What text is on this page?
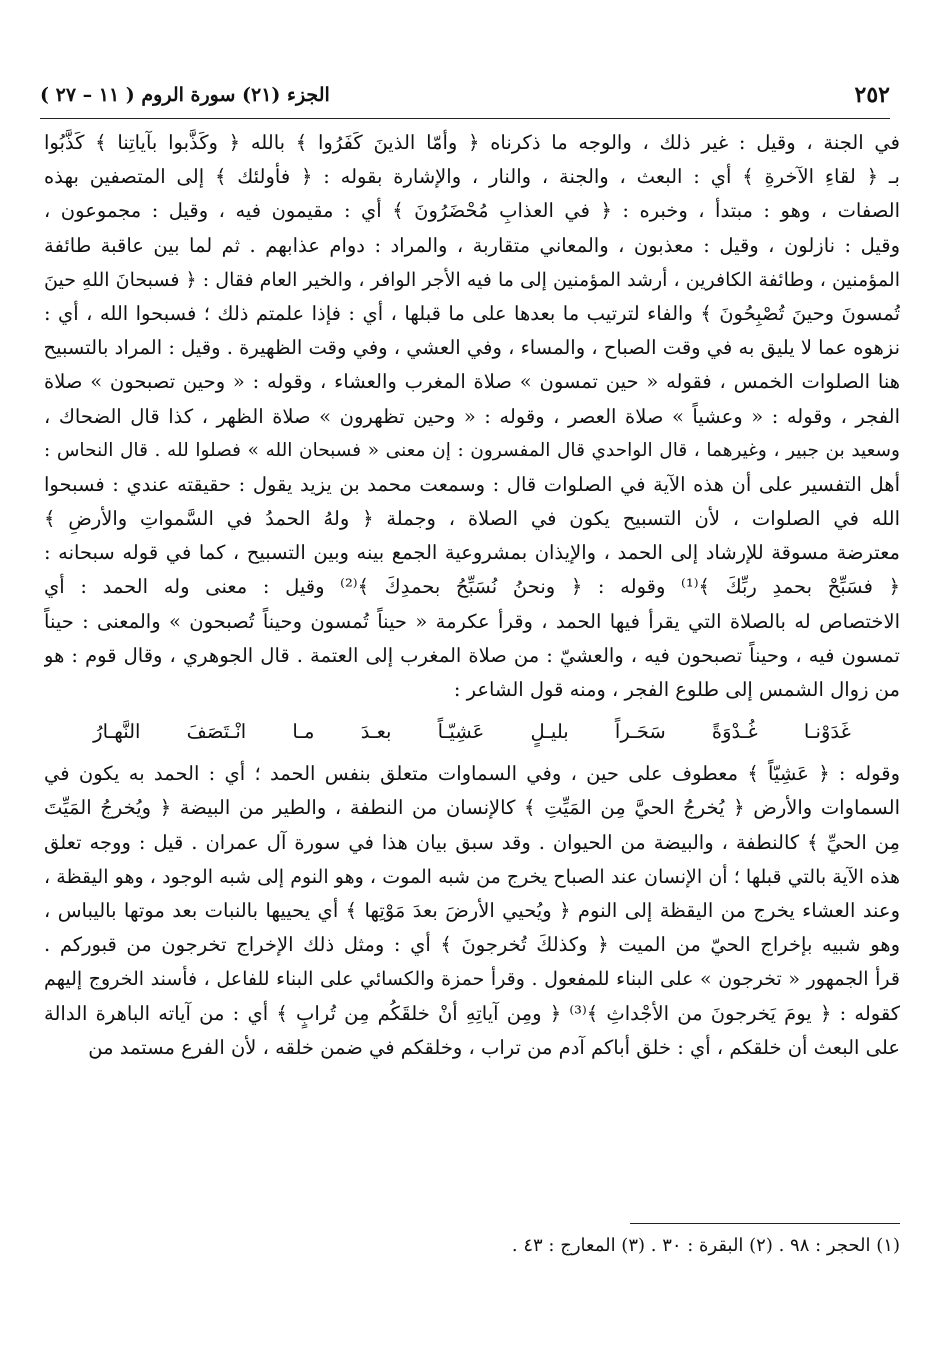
٢٥٢
الجزء (٢١) سورة الروم ( ١١ – ٢٧ )
في الجنة ، وقيل : غير ذلك ، والوجه ما ذكرناه ﴿ وأمّا الذينَ كَفَرُوا ﴾ بالله ﴿ وكَذَّبوا بآياتِنا ﴾ كَذَّبُوا
بـ ﴿ لقاءِ الآخرةِ ﴾ أي : البعث ، والجنة ، والنار ، والإشارة بقوله : ﴿ فأولئك ﴾ إلى المتصفين بهذه
الصفات ، وهو : مبتدأ ، وخبره : ﴿ في العذابِ مُحْضَرُونَ ﴾ أي : مقيمون فيه ، وقيل : مجموعون ،
وقيل : نازلون ، وقيل : معذبون ، والمعاني متقاربة ، والمراد : دوام عذابهم . ثم لما بين عاقبة طائفة
المؤمنين ، وطائفة الكافرين ، أرشد المؤمنين إلى ما فيه الأجر الوافر ، والخير العام فقال : ﴿ فسبحانَ اللهِ حينَ
تُمسونَ وحينَ تُصْبِحُونَ ﴾ والفاء لترتيب ما بعدها على ما قبلها ، أي : فإذا علمتم ذلك ؛ فسبحوا الله ، أي :
نزهوه عما لا يليق به في وقت الصباح ، والمساء ، وفي العشي ، وفي وقت الظهيرة . وقيل : المراد بالتسبيح
هنا الصلوات الخمس ، فقوله « حين تمسون » صلاة المغرب والعشاء ، وقوله : « وحين تصبحون » صلاة
الفجر ، وقوله : « وعشياً » صلاة العصر ، وقوله : « وحين تظهرون » صلاة الظهر ، كذا قال الضحاك ،
وسعيد بن جبير ، وغيرهما ، قال الواحدي قال المفسرون : إن معنى « فسبحان الله » فصلوا لله . قال النحاس :
أهل التفسير على أن هذه الآية في الصلوات قال : وسمعت محمد بن يزيد يقول : حقيقته عندي : فسبحوا
الله في الصلوات ، لأن التسبيح يكون في الصلاة ، وجملة ﴿ ولهُ الحمدُ في السَّمواتِ والأرضِ ﴾
معترضة مسوقة للإرشاد إلى الحمد ، والإيذان بمشروعية الجمع بينه وبين التسبيح ، كما في قوله سبحانه :
﴿ فسَبِّحْ بحمدِ ربِّكَ ﴾⁽¹⁾ وقوله : ﴿ ونحنُ نُسَبِّحُ بحمدِكَ ﴾⁽²⁾ وقيل : معنى وله الحمد : أي
الاختصاص له بالصلاة التي يقرأ فيها الحمد ، وقرأ عكرمة « حيناً تُمسون وحيناً تُصبحون » والمعنى : حيناً
تمسون فيه ، وحيناً تصبحون فيه ، والعشيّ : من صلاة المغرب إلى العتمة . قال الجوهري ، وقال قوم : هو
من زوال الشمس إلى طلوع الفجر ، ومنه قول الشاعر :
غَدَوْنـا غُـدْوَةً سَحَـراً بليـلٍ عَشِيّـاً بعـدَ مـا انْـتَصَفَ النَّهـارُ
وقوله : ﴿ عَشِيّاً ﴾ معطوف على حين ، وفي السماوات متعلق بنفس الحمد ؛ أي : الحمد به يكون في
السماوات والأرض ﴿ يُخرجُ الحيَّ مِن المَيِّتِ ﴾ كالإنسان من النطفة ، والطير من البيضة ﴿ ويُخرجُ المَيِّتَ
مِن الحيِّ ﴾ كالنطفة ، والبيضة من الحيوان . وقد سبق بيان هذا في سورة آل عمران . قيل : ووجه تعلق
هذه الآية بالتي قبلها ؛ أن الإنسان عند الصباح يخرج من شبه الموت ، وهو النوم إلى شبه الوجود ، وهو اليقظة ،
وعند العشاء يخرج من اليقظة إلى النوم ﴿ ويُحيي الأرضَ بعدَ مَوْتِها ﴾ أي يحييها بالنبات بعد موتها باليباس ،
وهو شبيه بإخراج الحيّ من الميت ﴿ وكذلكَ تُخرجونَ ﴾ أي : ومثل ذلك الإخراج تخرجون من قبوركم .
قرأ الجمهور « تخرجون » على البناء للمفعول . وقرأ حمزة والكسائي على البناء للفاعل ، فأسند الخروج إليهم
كقوله : ﴿ يومَ يَخرجونَ من الأجْداثِ ﴾⁽³⁾ ﴿ ومِن آياتِهِ أنْ خلقَكُم مِن تُرابٍ ﴾ أي : من آياته الباهرة الدالة
على البعث أن خلقكم ، أي : خلق أباكم آدم من تراب ، وخلقكم في ضمن خلقه ، لأن الفرع مستمد من
(١) الحجر : ٩٨ . (٢) البقرة : ٣٠ . (٣) المعارج : ٤٣ .
